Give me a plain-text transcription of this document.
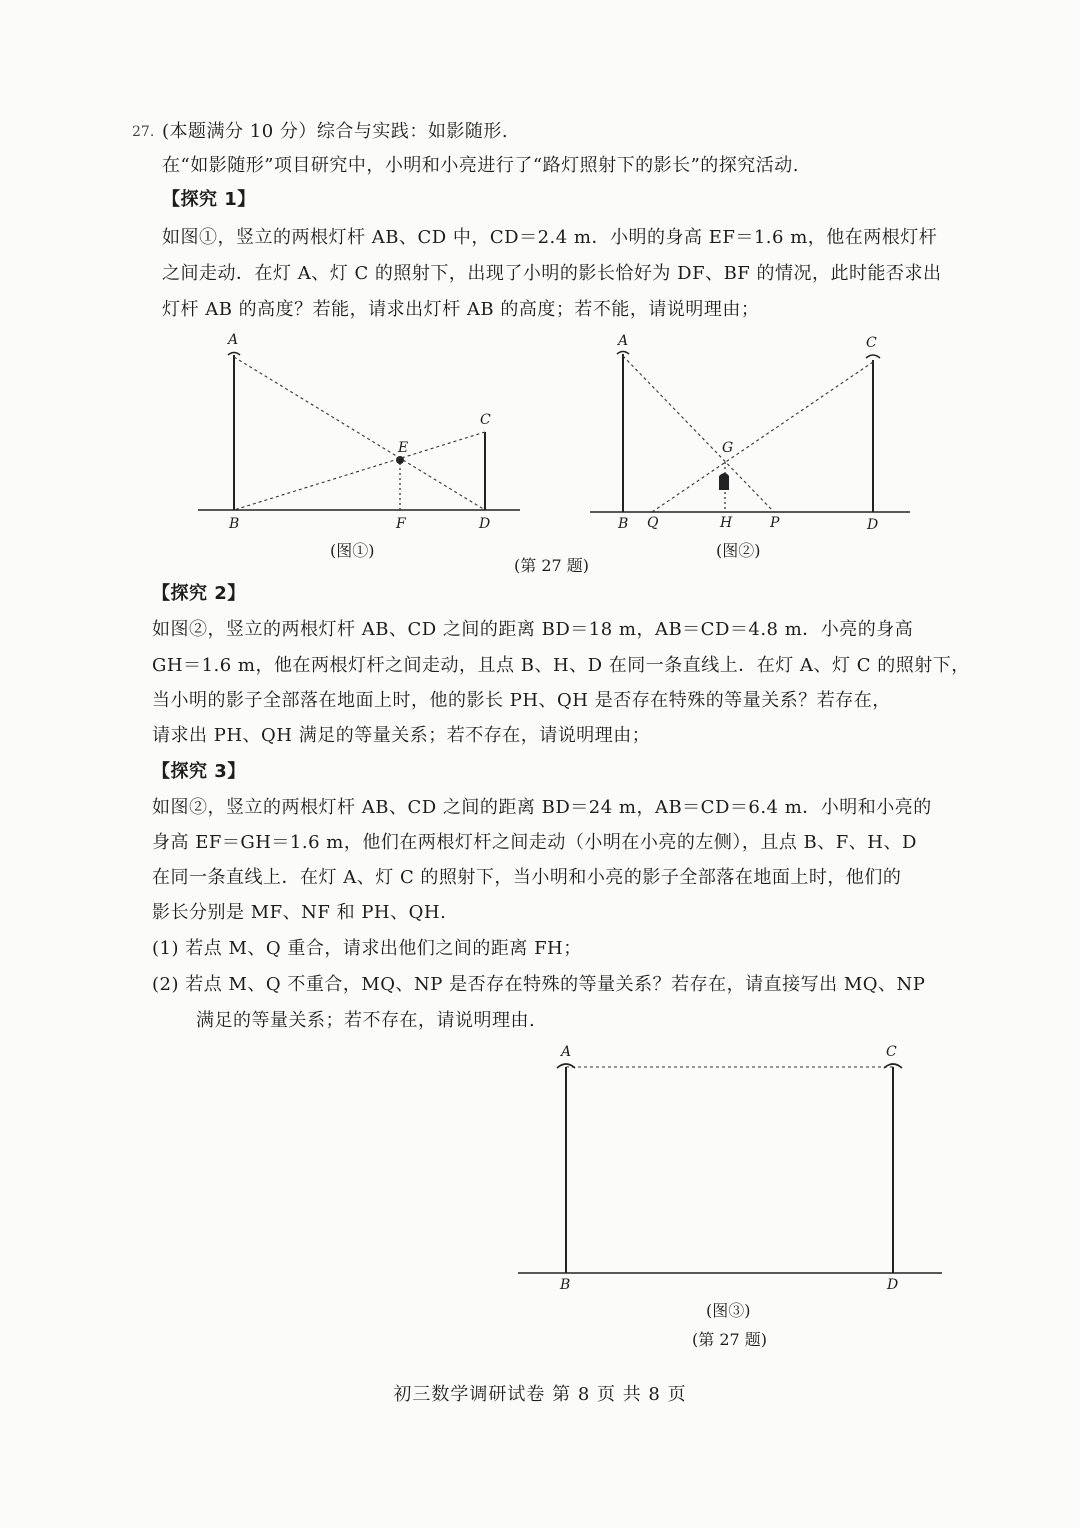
27. (本题满分 10 分）综合与实践：如影随形.
在“如影随形”项目研究中，小明和小亮进行了“路灯照射下的影长”的探究活动.
【探究 1】
如图①，竖立的两根灯杆 AB、CD 中，CD＝2.4 m．小明的身高 EF＝1.6 m，他在两根灯杆
之间走动．在灯 A、灯 C 的照射下，出现了小明的影长恰好为 DF、BF 的情况，此时能否求出
灯杆 AB 的高度？若能，请求出灯杆 AB 的高度；若不能，请说明理由；
A
B
C
D
E
F
A
B
C
D
G
H	P
Q
A
B
C
D
(图①)	(图②)
(第 27 题)
【探究 2】
如图②，竖立的两根灯杆 AB、CD 之间的距离 BD＝18 m，AB＝CD＝4.8 m．小亮的身高
GH＝1.6 m，他在两根灯杆之间走动，且点 B、H、D 在同一条直线上．在灯 A、灯 C 的照射下，
当小明的影子全部落在地面上时，他的影长 PH、QH 是否存在特殊的等量关系？若存在，
请求出 PH、QH 满足的等量关系；若不存在，请说明理由；
【探究 3】
如图②，竖立的两根灯杆 AB、CD 之间的距离 BD＝24 m，AB＝CD＝6.4 m．小明和小亮的
身高 EF＝GH＝1.6 m，他们在两根灯杆之间走动（小明在小亮的左侧），且点 B、F、H、D
在同一条直线上．在灯 A、灯 C 的照射下，当小明和小亮的影子全部落在地面上时，他们的
影长分别是 MF、NF 和 PH、QH.
(1) 若点 M、Q 重合，请求出他们之间的距离 FH；
(2) 若点 M、Q 不重合，MQ、NP 是否存在特殊的等量关系？若存在，请直接写出 MQ、NP
满足的等量关系；若不存在，请说明理由.
(图③)
(第 27 题)
初三数学调研试卷 第 8 页 共 8 页
